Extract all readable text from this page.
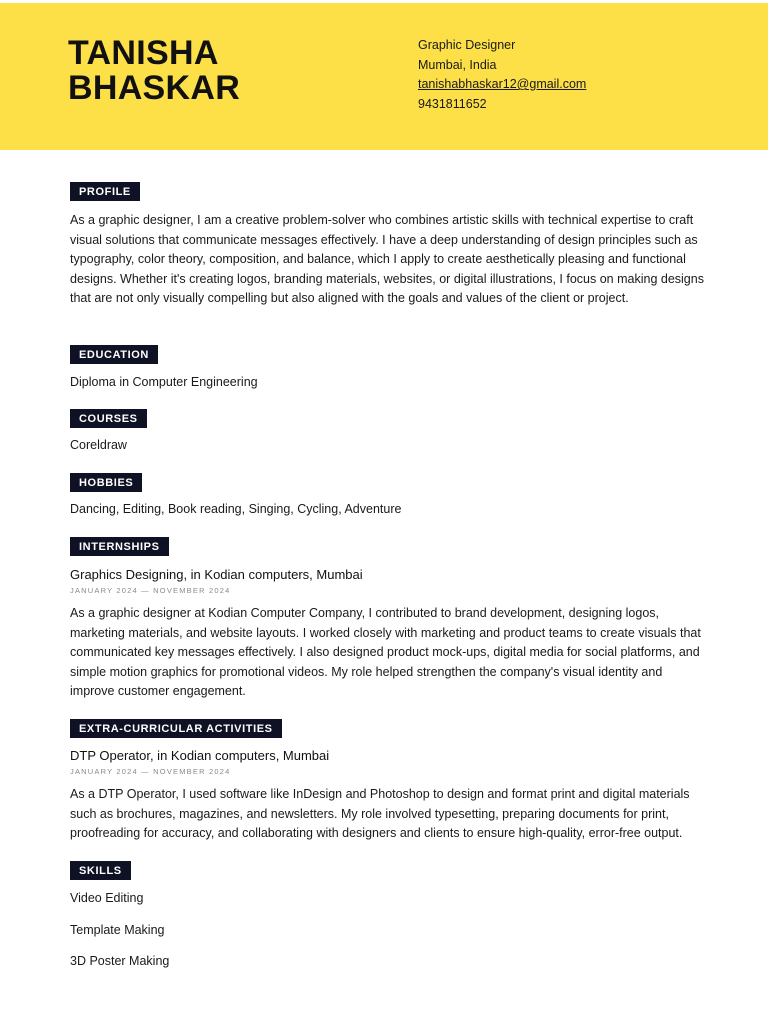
TANISHA
BHASKAR
Graphic Designer
Mumbai, India
tanishabhaskar12@gmail.com
9431811652
PROFILE
As a graphic designer, I am a creative problem-solver who combines artistic skills with technical expertise to craft visual solutions that communicate messages effectively. I have a deep understanding of design principles such as typography, color theory, composition, and balance, which I apply to create aesthetically pleasing and functional designs. Whether it's creating logos, branding materials, websites, or digital illustrations, I focus on making designs that are not only visually compelling but also aligned with the goals and values of the client or project.
EDUCATION
Diploma in Computer Engineering
COURSES
Coreldraw
HOBBIES
Dancing, Editing, Book reading, Singing, Cycling, Adventure
INTERNSHIPS
Graphics Designing, in Kodian computers, Mumbai
JANUARY 2024 — NOVEMBER 2024
As a graphic designer at Kodian Computer Company, I contributed to brand development, designing logos, marketing materials, and website layouts. I worked closely with marketing and product teams to create visuals that communicated key messages effectively. I also designed product mock-ups, digital media for social platforms, and simple motion graphics for promotional videos. My role helped strengthen the company's visual identity and improve customer engagement.
EXTRA-CURRICULAR ACTIVITIES
DTP Operator, in Kodian computers, Mumbai
JANUARY 2024 — NOVEMBER 2024
As a DTP Operator, I used software like InDesign and Photoshop to design and format print and digital materials such as brochures, magazines, and newsletters. My role involved typesetting, preparing documents for print, proofreading for accuracy, and collaborating with designers and clients to ensure high-quality, error-free output.
SKILLS
Video Editing
Template Making
3D Poster Making
